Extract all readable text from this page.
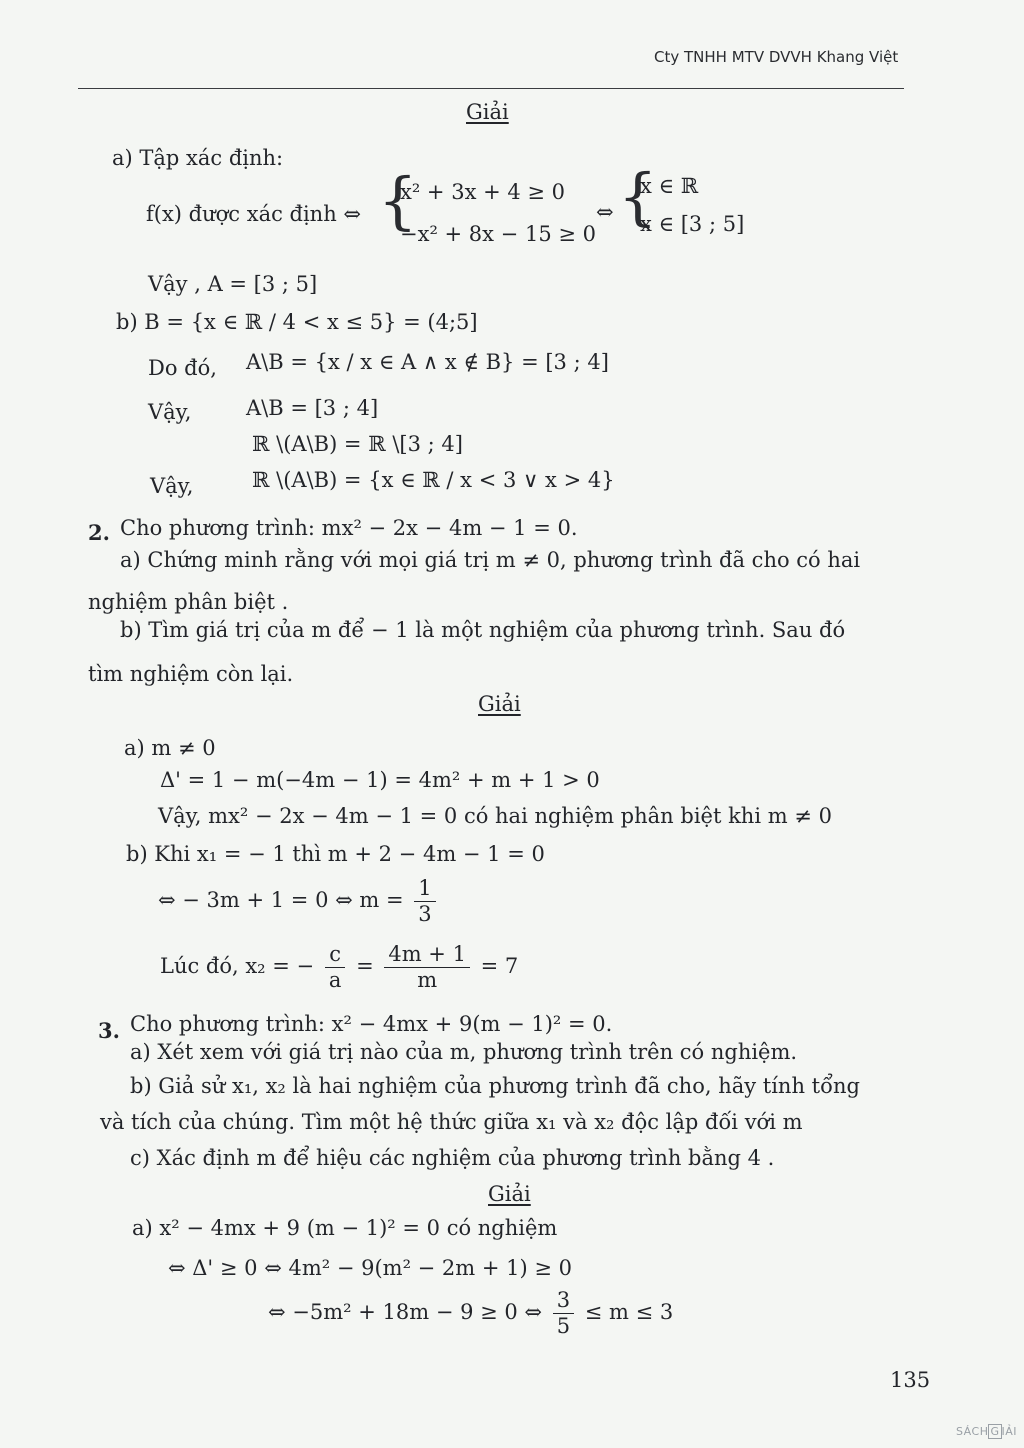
Cty TNHH MTV DVVH Khang Việt
Giải
a) Tập xác định:
f(x) được xác định ⇔ {
x² + 3x + 4 ≥ 0
−x² + 8x − 15 ≥ 0
⇔ {
x ∈ ℝ
x ∈ [3 ; 5]
Vậy , A = [3 ; 5]
b) B = {x ∈ ℝ / 4 < x ≤ 5} = (4;5]
Do đó, A\B = {x / x ∈ A ∧ x ∉ B} = [3 ; 4]
Vậy,	A\B = [3 ; 4]
ℝ \(A\B) = ℝ \[3 ; 4]
Vậy,	ℝ \(A\B) = {x ∈ ℝ / x < 3 ∨ x > 4}
2. Cho phương trình: mx² − 2x − 4m − 1 = 0.
a) Chứng minh rằng với mọi giá trị m ≠ 0, phương trình đã cho có hai
nghiệm phân biệt .
b) Tìm giá trị của m để − 1 là một nghiệm của phương trình. Sau đó
tìm nghiệm còn lại.
Giải
a) m ≠ 0
Δ' = 1 − m(−4m − 1) = 4m² + m + 1 > 0
Vậy, mx² − 2x − 4m − 1 = 0 có hai nghiệm phân biệt khi m ≠ 0
b) Khi x₁ = − 1 thì m + 2 − 4m − 1 = 0
⇔ − 3m + 1 = 0 ⇔ $m = \frac{1}{3}$
Lúc đó, x₂ = − $\frac{c}{a} = \frac{4m + 1}{m} = 7$
3. Cho phương trình: x² − 4mx + 9(m − 1)² = 0.
a) Xét xem với giá trị nào của m, phương trình trên có nghiệm.
b) Giả sử x₁, x₂ là hai nghiệm của phương trình đã cho, hãy tính tổng
và tích của chúng. Tìm một hệ thức giữa x₁ và x₂ độc lập đối với m
c) Xác định m để hiệu các nghiệm của phương trình bằng 4 .
Giải
a) x² − 4mx + 9 (m − 1)² = 0 có nghiệm
⇔ Δ' ≥ 0 ⇔ 4m² − 9(m² − 2m + 1) ≥ 0
⇔ −5m² + 18m − 9 ≥ 0 ⇔ $\frac{3}{5} \le m \le 3$
135
SÁCH G IẢI
